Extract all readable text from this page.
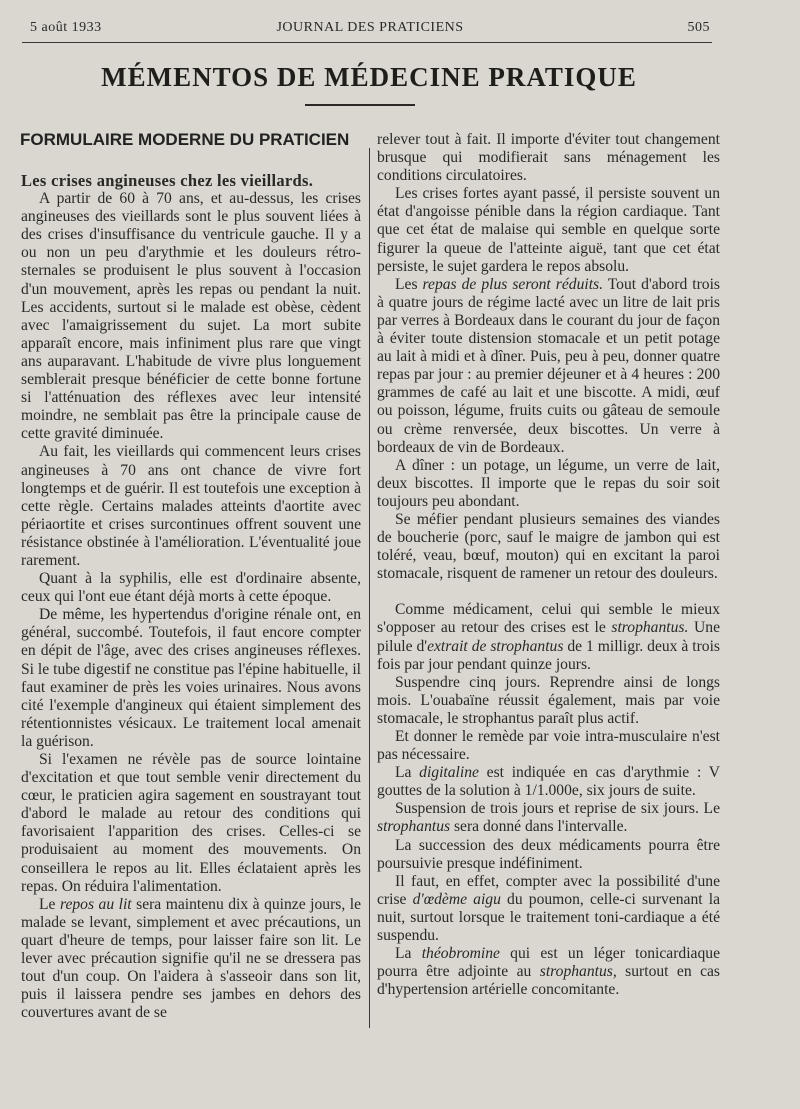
5 août 1933	JOURNAL DES PRATICIENS	505
MÉMENTOS DE MÉDECINE PRATIQUE
FORMULAIRE MODERNE DU PRATICIEN

Les crises angineuses chez les vieillards.

A partir de 60 à 70 ans, et au-dessus, les crises angineuses des vieillards sont le plus souvent liées à des crises d'insuffisance du ventricule gauche. Il y a ou non un peu d'arythmie et les douleurs rétro-sternales se produisent le plus souvent à l'occasion d'un mouvement, après les repas ou pendant la nuit. Les accidents, surtout si le malade est obèse, cèdent avec l'amaigrissement du sujet. La mort subite apparaît encore, mais infiniment plus rare que vingt ans auparavant. L'habitude de vivre plus longuement semblerait presque bénéficier de cette bonne fortune si l'atténuation des réflexes avec leur intensité moindre, ne semblait pas être la principale cause de cette gravité diminuée.

Au fait, les vieillards qui commencent leurs crises angineuses à 70 ans ont chance de vivre fort longtemps et de guérir. Il est toutefois une exception à cette règle. Certains malades atteints d'aortite avec périaortite et crises surcontinues offrent souvent une résistance obstinée à l'amélioration. L'éventualité joue rarement.

Quant à la syphilis, elle est d'ordinaire absente, ceux qui l'ont eue étant déjà morts à cette époque.

De même, les hypertendus d'origine rénale ont, en général, succombé. Toutefois, il faut encore compter en dépit de l'âge, avec des crises angineuses réflexes. Si le tube digestif ne constitue pas l'épine habituelle, il faut examiner de près les voies urinaires. Nous avons cité l'exemple d'angineux qui étaient simplement des rétentionnistes vésicaux. Le traitement local amenait la guérison.

Si l'examen ne révèle pas de source lointaine d'excitation et que tout semble venir directement du cœur, le praticien agira sagement en soustrayant tout d'abord le malade au retour des conditions qui favorisaient l'apparition des crises. Celles-ci se produisaient au moment des mouvements. On conseillera le repos au lit. Elles éclataient après les repas. On réduira l'alimentation.

Le repos au lit sera maintenu dix à quinze jours, le malade se levant, simplement et avec précautions, un quart d'heure de temps, pour laisser faire son lit. Le lever avec précaution signifie qu'il ne se dressera pas tout d'un coup. On l'aidera à s'asseoir dans son lit, puis il laissera pendre ses jambes en dehors des couvertures avant de se

relever tout à fait. Il importe d'éviter tout changement brusque qui modifierait sans ménagement les conditions circulatoires.

Les crises fortes ayant passé, il persiste souvent un état d'angoisse pénible dans la région cardiaque. Tant que cet état de malaise qui semble en quelque sorte figurer la queue de l'atteinte aiguë, tant que cet état persiste, le sujet gardera le repos absolu.

Les repas de plus seront réduits. Tout d'abord trois à quatre jours de régime lacté avec un litre de lait pris par verres à Bordeaux dans le courant du jour de façon à éviter toute distension stomacale et un petit potage au lait à midi et à dîner. Puis, peu à peu, donner quatre repas par jour : au premier déjeuner et à 4 heures : 200 grammes de café au lait et une biscotte. A midi, œuf ou poisson, légume, fruits cuits ou gâteau de semoule ou crème renversée, deux biscottes. Un verre à bordeaux de vin de Bordeaux.

A dîner : un potage, un légume, un verre de lait, deux biscottes. Il importe que le repas du soir soit toujours peu abondant.

Se méfier pendant plusieurs semaines des viandes de boucherie (porc, sauf le maigre de jambon qui est toléré, veau, bœuf, mouton) qui en excitant la paroi stomacale, risquent de ramener un retour des douleurs.

Comme médicament, celui qui semble le mieux s'opposer au retour des crises est le strophantus. Une pilule d'extrait de strophantus de 1 milligr. deux à trois fois par jour pendant quinze jours.

Suspendre cinq jours. Reprendre ainsi de longs mois. L'ouabaïne réussit également, mais par voie stomacale, le strophantus paraît plus actif.

Et donner le remède par voie intra-musculaire n'est pas nécessaire.

La digitaline est indiquée en cas d'arythmie : V gouttes de la solution à 1/1.000e, six jours de suite.

Suspension de trois jours et reprise de six jours. Le strophantus sera donné dans l'intervalle.

La succession des deux médicaments pourra être poursuivie presque indéfiniment.

Il faut, en effet, compter avec la possibilité d'une crise d'œdème aigu du poumon, celle-ci survenant la nuit, surtout lorsque le traitement toni-cardiaque a été suspendu.

La théobromine qui est un léger tonicardiaque pourra être adjointe au strophantus, surtout en cas d'hypertension artérielle concomitante.
